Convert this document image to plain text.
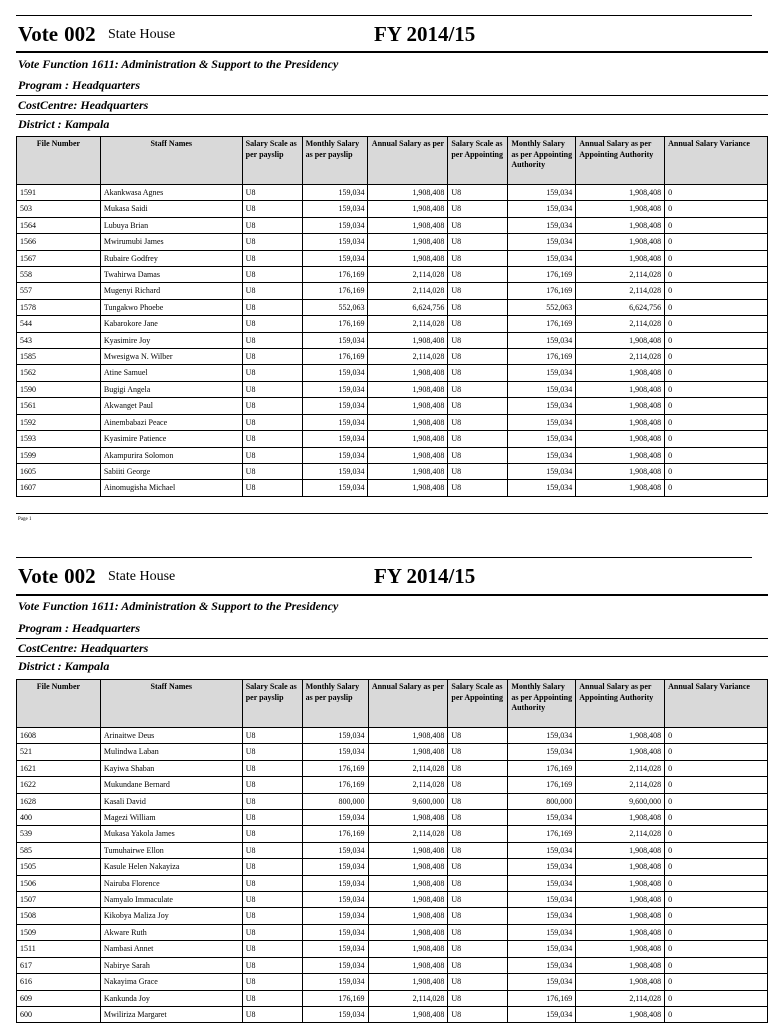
Vote 002 State House	FY 2014/15
Vote Function 1611: Administration & Support to the Presidency
Program : Headquarters
CostCentre: Headquarters
District : Kampala
File Number	Staff Names	Salary Scale as per payslip	Monthly Salary as per payslip	Annual Salary as per	Salary Scale as per Appointing	Monthly Salary as per Appointing Authority	Annual Salary as per Appointing Authority	Annual Salary Variance
1591	Akankwasa Agnes	U8	159,034	1,908,408	U8	159,034	1,908,408	0
503	Mukasa Saidi	U8	159,034	1,908,408	U8	159,034	1,908,408	0
1564	Lubuya Brian	U8	159,034	1,908,408	U8	159,034	1,908,408	0
1566	Mwirumubi James	U8	159,034	1,908,408	U8	159,034	1,908,408	0
1567	Rubaire Godfrey	U8	159,034	1,908,408	U8	159,034	1,908,408	0
558	Twahirwa Damas	U8	176,169	2,114,028	U8	176,169	2,114,028	0
557	Mugenyi Richard	U8	176,169	2,114,028	U8	176,169	2,114,028	0
1578	Tungakwo Phoebe	U8	552,063	6,624,756	U8	552,063	6,624,756	0
544	Kabarokore Jane	U8	176,169	2,114,028	U8	176,169	2,114,028	0
543	Kyasimire Joy	U8	159,034	1,908,408	U8	159,034	1,908,408	0
1585	Mwesigwa N. Wilber	U8	176,169	2,114,028	U8	176,169	2,114,028	0
1562	Atine Samuel	U8	159,034	1,908,408	U8	159,034	1,908,408	0
1590	Bugigi Angela	U8	159,034	1,908,408	U8	159,034	1,908,408	0
1561	Akwanget Paul	U8	159,034	1,908,408	U8	159,034	1,908,408	0
1592	Ainembabazi Peace	U8	159,034	1,908,408	U8	159,034	1,908,408	0
1593	Kyasimire Patience	U8	159,034	1,908,408	U8	159,034	1,908,408	0
1599	Akampurira Solomon	U8	159,034	1,908,408	U8	159,034	1,908,408	0
1605	Sabiiti George	U8	159,034	1,908,408	U8	159,034	1,908,408	0
1607	Ainomugisha Michael	U8	159,034	1,908,408	U8	159,034	1,908,408	0
Page 1
Vote 002 State House	FY 2014/15
Vote Function 1611: Administration & Support to the Presidency
Program : Headquarters
CostCentre: Headquarters
District : Kampala
File Number	Staff Names	Salary Scale as per payslip	Monthly Salary as per payslip	Annual Salary as per	Salary Scale as per Appointing	Monthly Salary as per Appointing Authority	Annual Salary as per Appointing Authority	Annual Salary Variance
1608	Arinaitwe Deus	U8	159,034	1,908,408	U8	159,034	1,908,408	0
521	Mulindwa Laban	U8	159,034	1,908,408	U8	159,034	1,908,408	0
1621	Kayiwa Shaban	U8	176,169	2,114,028	U8	176,169	2,114,028	0
1622	Mukundane Bernard	U8	176,169	2,114,028	U8	176,169	2,114,028	0
1628	Kasali David	U8	800,000	9,600,000	U8	800,000	9,600,000	0
400	Magezi William	U8	159,034	1,908,408	U8	159,034	1,908,408	0
539	Mukasa Yakola James	U8	176,169	2,114,028	U8	176,169	2,114,028	0
585	Tumuhairwe Ellon	U8	159,034	1,908,408	U8	159,034	1,908,408	0
1505	Kasule Helen Nakayiza	U8	159,034	1,908,408	U8	159,034	1,908,408	0
1506	Nairuba Florence	U8	159,034	1,908,408	U8	159,034	1,908,408	0
1507	Namyalo Immaculate	U8	159,034	1,908,408	U8	159,034	1,908,408	0
1508	Kikobya Maliza Joy	U8	159,034	1,908,408	U8	159,034	1,908,408	0
1509	Akware Ruth	U8	159,034	1,908,408	U8	159,034	1,908,408	0
1511	Nambasi Annet	U8	159,034	1,908,408	U8	159,034	1,908,408	0
617	Nabirye Sarah	U8	159,034	1,908,408	U8	159,034	1,908,408	0
616	Nakayima Grace	U8	159,034	1,908,408	U8	159,034	1,908,408	0
609	Kankunda Joy	U8	176,169	2,114,028	U8	176,169	2,114,028	0
600	Mwiliriza Margaret	U8	159,034	1,908,408	U8	159,034	1,908,408	0
